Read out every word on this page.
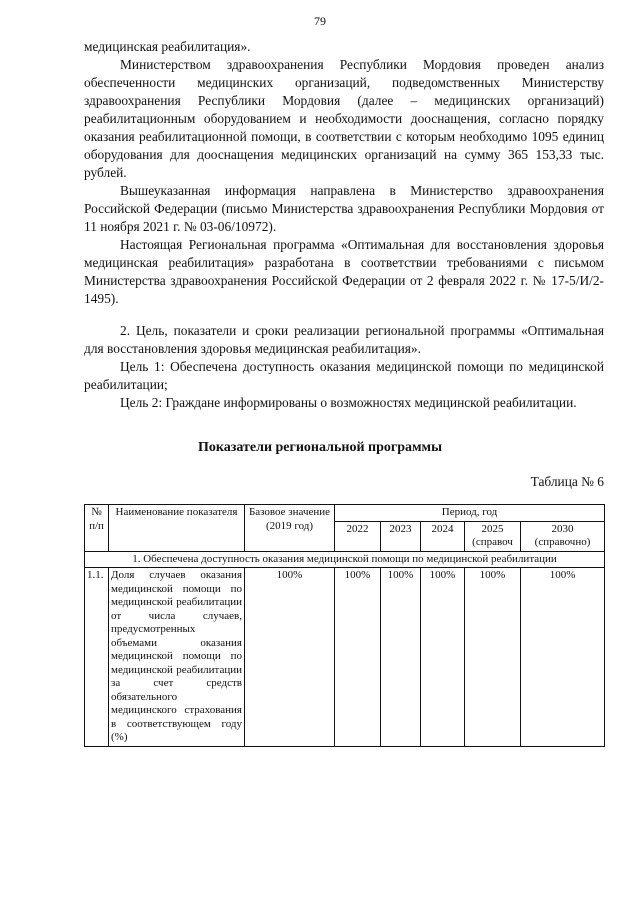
79

медицинская реабилитация».

Министерством здравоохранения Республики Мордовия проведен анализ обеспеченности медицинских организаций, подведомственных Министерству здравоохранения Республики Мордовия (далее – медицинских организаций) реабилитационным оборудованием и необходимости дооснащения, согласно порядку оказания реабилитационной помощи, в соответствии с которым необходимо 1095 единиц оборудования для дооснащения медицинских организаций на сумму 365 153,33 тыс. рублей.

Вышеуказанная информация направлена в Министерство здравоохранения Российской Федерации (письмо Министерства здравоохранения Республики Мордовия от 11 ноября 2021 г. № 03-06/10972).

Настоящая Региональная программа «Оптимальная для восстановления здоровья медицинская реабилитация» разработана в соответствии требованиями с письмом Министерства здравоохранения Российской Федерации от 2 февраля 2022 г. № 17-5/И/2-1495).

2. Цель, показатели и сроки реализации региональной программы «Оптимальная для восстановления здоровья медицинская реабилитация».

Цель 1: Обеспечена доступность оказания медицинской помощи по медицинской реабилитации;

Цель 2: Граждане информированы о возможностях медицинской реабилитации.

Показатели региональной программы
Таблица № 6
№ п/п	Наименование показателя	Базовое значение (2019 год)	Период, год				
			2022	2023	2024	2025 (справоч	2030 (справочно)
1. Обеспечена доступность оказания медицинской помощи по медицинской реабилитации							
1.1.	Доля случаев оказания медицинской помощи по медицинской реабилитации от числа случаев, предусмотренных объемами оказания медицинской помощи по медицинской реабилитации за счет средств обязательного медицинского страхования в соответствующем году (%)	100%	100%	100%	100%	100%	100%
